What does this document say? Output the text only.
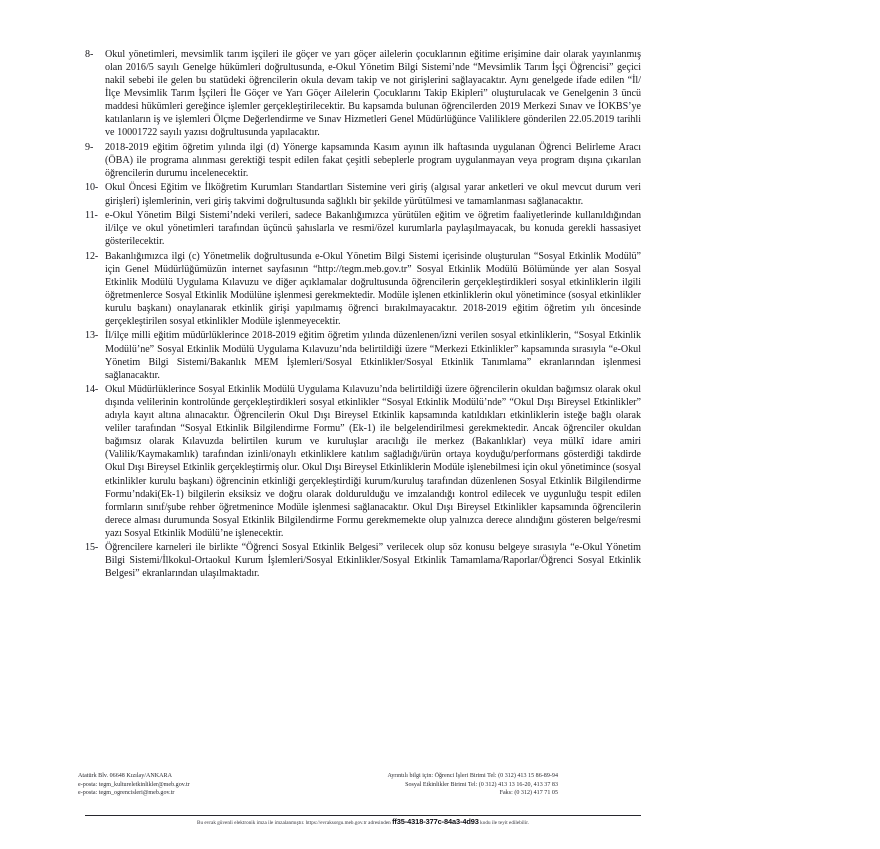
8-	Okul yönetimleri, mevsimlik tarım işçileri ile göçer ve yarı göçer ailelerin çocuklarının eğitime erişimine dair olarak yayınlanmış olan 2016/5 sayılı Genelge hükümleri doğrultusunda, e-Okul Yönetim Bilgi Sistemi’nde “Mevsimlik Tarım İşçi Öğrencisi” geçici nakil sebebi ile gelen bu statüdeki öğrencilerin okula devam takip ve not girişlerini sağlayacaktır. Aynı genelgede ifade edilen “İl/İlçe Mevsimlik Tarım İşçileri İle Göçer ve Yarı Göçer Ailelerin Çocuklarını Takip Ekipleri” oluşturulacak ve Genelgenin 3 üncü maddesi hükümleri gereğince işlemler gerçekleştirilecektir. Bu kapsamda bulunan öğrencilerden 2019 Merkezi Sınav ve İOKBS’ye katılanların iş ve işlemleri Ölçme Değerlendirme ve Sınav Hizmetleri Genel Müdürlüğünce Valiliklere gönderilen 22.05.2019 tarihli ve 10001722 sayılı yazısı doğrultusunda yapılacaktır.
9-	2018-2019 eğitim öğretim yılında ilgi (d) Yönerge kapsamında Kasım ayının ilk haftasında uygulanan Öğrenci Belirleme Aracı (ÖBA) ile programa alınması gerektiği tespit edilen fakat çeşitli sebeplerle program uygulanmayan veya program dışına çıkarılan öğrencilerin durumu incelenecektir.
10- Okul Öncesi Eğitim ve İlköğretim Kurumları Standartları Sistemine veri giriş (algısal yarar anketleri ve okul mevcut durum veri girişleri) işlemlerinin, veri giriş takvimi doğrultusunda sağlıklı bir şekilde yürütülmesi ve tamamlanması sağlanacaktır.
11- e-Okul Yönetim Bilgi Sistemi’ndeki verileri, sadece Bakanlığımızca yürütülen eğitim ve öğretim faaliyetlerinde kullanıldığından il/ilçe ve okul yönetimleri tarafından üçüncü şahıslarla ve resmi/özel kurumlarla paylaşılmayacak, bu konuda gerekli hassasiyet gösterilecektir.
12- Bakanlığımızca ilgi (c) Yönetmelik doğrultusunda e-Okul Yönetim Bilgi Sistemi içerisinde oluşturulan “Sosyal Etkinlik Modülü” için Genel Müdürlüğümüzün internet sayfasının “http://tegm.meb.gov.tr” Sosyal Etkinlik Modülü Bölümünde yer alan Sosyal Etkinlik Modülü Uygulama Kılavuzu ve diğer açıklamalar doğrultusunda öğrencilerin gerçekleştirdikleri sosyal etkinliklerin ilgili öğretmenlerce Sosyal Etkinlik Modülüne işlenmesi gerekmektedir. Modüle işlenen etkinliklerin okul yönetimince (sosyal etkinlikler kurulu başkanı) onaylanarak etkinlik girişi yapılmamış öğrenci bırakılmayacaktır. 2018-2019 eğitim öğretim yılı öncesinde gerçekleştirilen sosyal etkinlikler Modüle işlenmeyecektir.
13- İl/ilçe milli eğitim müdürlüklerince 2018-2019 eğitim öğretim yılında düzenlenen/izni verilen sosyal etkinliklerin, “Sosyal Etkinlik Modülü’ne” Sosyal Etkinlik Modülü Uygulama Kılavuzu’nda belirtildiği üzere “Merkezi Etkinlikler” kapsamında sırasıyla “e-Okul Yönetim Bilgi Sistemi/Bakanlık MEM İşlemleri/Sosyal Etkinlikler/Sosyal Etkinlik Tanımlama” ekranlarından işlenmesi sağlanacaktır.
14- Okul Müdürlüklerince Sosyal Etkinlik Modülü Uygulama Kılavuzu’nda belirtildiği üzere öğrencilerin okuldan bağımsız olarak okul dışında velilerinin kontrolünde gerçekleştirdikleri sosyal etkinlikler “Sosyal Etkinlik Modülü’nde” “Okul Dışı Bireysel Etkinlikler” adıyla kayıt altına alınacaktır. Öğrencilerin Okul Dışı Bireysel Etkinlik kapsamında katıldıkları etkinliklerin isteğe bağlı olarak veliler tarafından “Sosyal Etkinlik Bilgilendirme Formu” (Ek-1) ile belgelendirilmesi gerekmektedir. Ancak öğrenciler okuldan bağımsız olarak Kılavuzda belirtilen kurum ve kuruluşlar aracılığı ile merkez (Bakanlıklar) veya mülkî idare amiri (Valilik/Kaymakamlık) tarafından izinli/onaylı etkinliklere katılım sağladığı/ürün ortaya koyduğu/performans gösterdiği takdirde Okul Dışı Bireysel Etkinlik gerçekleştirmiş olur. Okul Dışı Bireysel Etkinliklerin Modüle işlenebilmesi için okul yönetimince (sosyal etkinlikler kurulu başkanı) öğrencinin etkinliği gerçekleştirdiği kurum/kuruluş tarafından düzenlenen Sosyal Etkinlik Bilgilendirme Formu’ndaki(Ek-1) bilgilerin eksiksiz ve doğru olarak doldurulduğu ve imzalandığı kontrol edilecek ve uygunluğu tespit edilen formların sınıf/şube rehber öğretmenince Modüle işlenmesi sağlanacaktır. Okul Dışı Bireysel Etkinlikler kapsamında öğrencilerin derece alması durumunda Sosyal Etkinlik Bilgilendirme Formu gerekmemekte olup yalnızca derece alındığını gösteren belge/resmi yazı Sosyal Etkinlik Modülü’ne işlenecektir.
15- Öğrencilere karneleri ile birlikte “Öğrenci Sosyal Etkinlik Belgesi” verilecek olup söz konusu belgeye sırasıyla “e-Okul Yönetim Bilgi Sistemi/İlkokul-Ortaokul Kurum İşlemleri/Sosyal Etkinlikler/Sosyal Etkinlik Tamamlama/Raporlar/Öğrenci Sosyal Etkinlik Belgesi” ekranlarından ulaşılmaktadır.
Atatürk Blv. 06648 Kızılay/ANKARA
e-posta: tegm_kultureletkinlikler@meb.gov.tr
e-posta: tegm_ogrencisleri@meb.gov.tr
Ayrıntılı bilgi için: Öğrenci İşleri Birimi Tel: (0 312) 413 15 86-89-94
Sosyal Etkinlikler Birimi Tel: (0 312) 413 13 16-20, 413 37 83
Faks: (0 312) 417 71 05
Bu evrak güvenli elektronik imza ile imzalanmıştır. https://evraksorgu.meb.gov.tr adresinden ff35-4318-377c-84a3-4d93 kodu ile teyit edilebilir.
